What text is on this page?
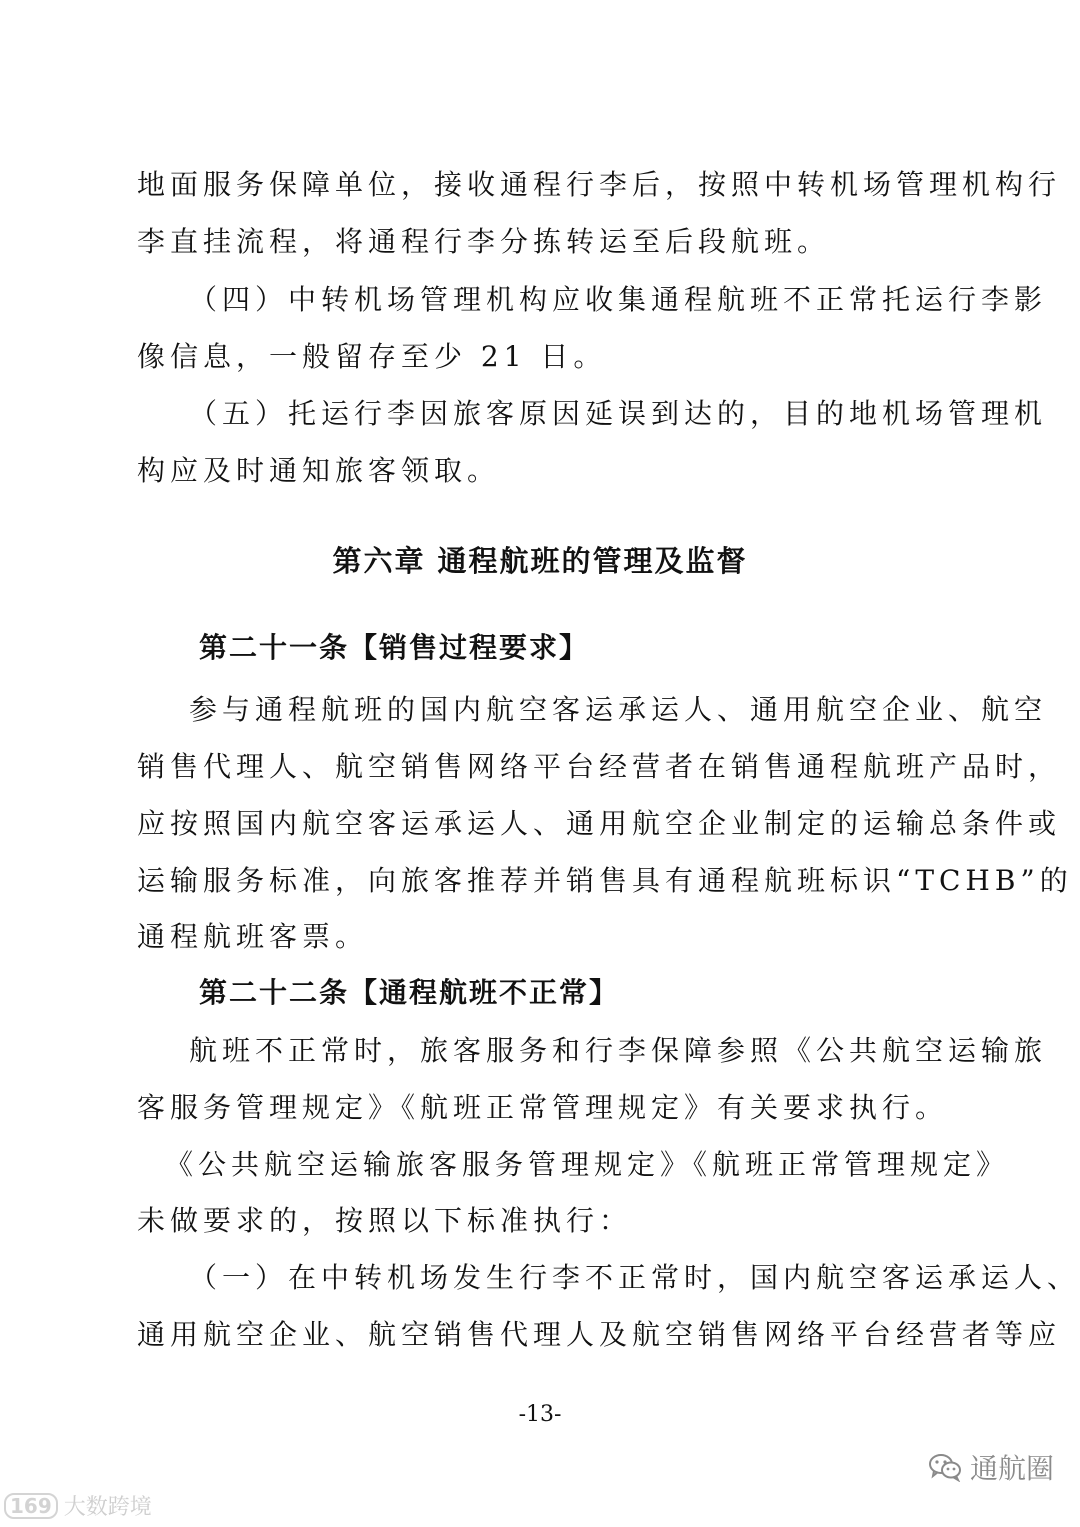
地面服务保障单位，接收通程行李后，按照中转机场管理机构行
李直挂流程，将通程行李分拣转运至后段航班。
（四）中转机场管理机构应收集通程航班不正常托运行李影
像信息，一般留存至少 21 日。
（五）托运行李因旅客原因延误到达的，目的地机场管理机
构应及时通知旅客领取。
第六章 通程航班的管理及监督
第二十一条【销售过程要求】
参与通程航班的国内航空客运承运人、通用航空企业、航空
销售代理人、航空销售网络平台经营者在销售通程航班产品时，
应按照国内航空客运承运人、通用航空企业制定的运输总条件或
运输服务标准，向旅客推荐并销售具有通程航班标识“TCHB”的
通程航班客票。
第二十二条【通程航班不正常】
航班不正常时，旅客服务和行李保障参照《公共航空运输旅
客服务管理规定》《航班正常管理规定》有关要求执行。
《公共航空运输旅客服务管理规定》《航班正常管理规定》
未做要求的，按照以下标准执行：
（一）在中转机场发生行李不正常时，国内航空客运承运人、
通用航空企业、航空销售代理人及航空销售网络平台经营者等应
-13-
169 大数跨境
通航圈
